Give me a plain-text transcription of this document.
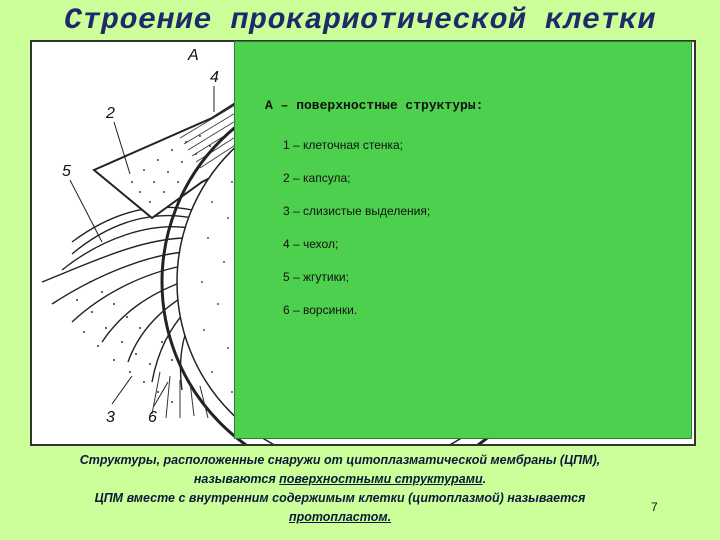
Строение прокариотической клетки
А
4
2
5
3 6
А – поверхностные структуры:
1 – клеточная стенка;
2 – капсула;
3 – слизистые выделения;
4 – чехол;
5 – жгутики;
6 – ворсинки.
Структуры, расположенные снаружи от цитоплазматической мембраны (ЦПМ),
называются поверхностными структурами.
ЦПМ вместе с внутренним содержимым клетки (цитоплазмой) называется
протопластом.
7
